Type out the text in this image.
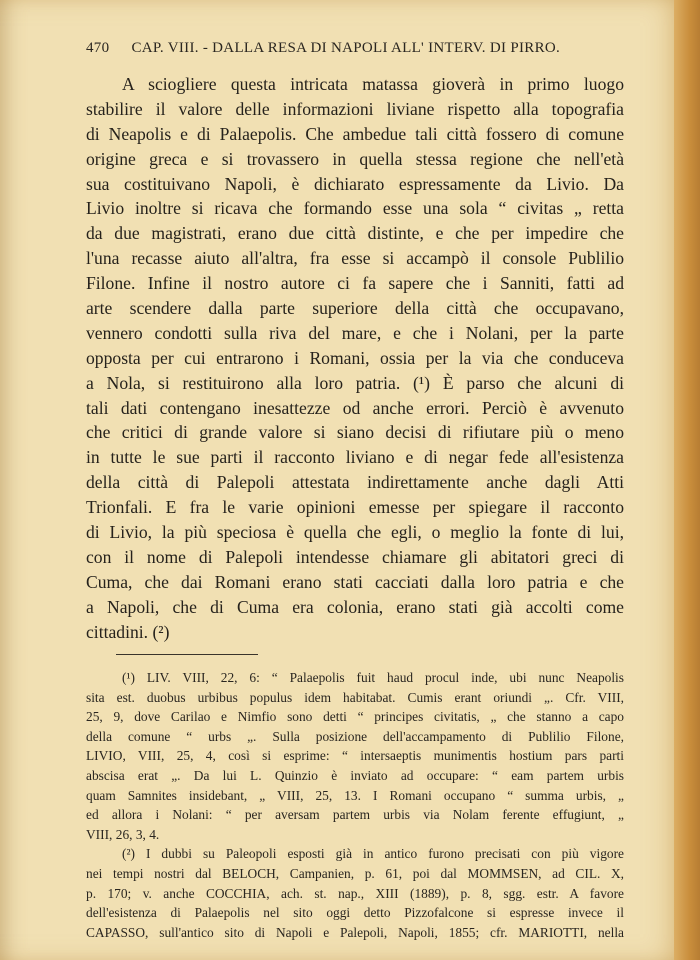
470 CAP. VIII. - DALLA RESA DI NAPOLI ALL' INTERV. DI PIRRO.
A sciogliere questa intricata matassa gioverà in primo luogo
stabilire il valore delle informazioni liviane rispetto alla topografia
di Neapolis e di Palaepolis. Che ambedue tali città fossero di comune
origine greca e si trovassero in quella stessa regione che nell'età
sua costituivano Napoli, è dichiarato espressamente da Livio. Da
Livio inoltre si ricava che formando esse una sola “ civitas „ retta
da due magistrati, erano due città distinte, e che per impedire che
l'una recasse aiuto all'altra, fra esse si accampò il console Publilio
Filone. Infine il nostro autore ci fa sapere che i Sanniti, fatti ad
arte scendere dalla parte superiore della città che occupavano,
vennero condotti sulla riva del mare, e che i Nolani, per la parte
opposta per cui entrarono i Romani, ossia per la via che conduceva
a Nola, si restituirono alla loro patria. (¹) È parso che alcuni di
tali dati contengano inesattezze od anche errori. Perciò è avvenuto
che critici di grande valore si siano decisi di rifiutare più o meno
in tutte le sue parti il racconto liviano e di negar fede all'esistenza
della città di Palepoli attestata indirettamente anche dagli Atti
Trionfali. E fra le varie opinioni emesse per spiegare il racconto
di Livio, la più speciosa è quella che egli, o meglio la fonte di lui,
con il nome di Palepoli intendesse chiamare gli abitatori greci di
Cuma, che dai Romani erano stati cacciati dalla loro patria e che
a Napoli, che di Cuma era colonia, erano stati già accolti come
cittadini. (²)
(¹) LIV. VIII, 22, 6: “ Palaepolis fuit haud procul inde, ubi nunc Neapolis
sita est. duobus urbibus populus idem habitabat. Cumis erant oriundi „. Cfr. VIII,
25, 9, dove Carilao e Nimfio sono detti “ principes civitatis, „ che stanno a capo
della comune “ urbs „. Sulla posizione dell'accampamento di Publilio Filone,
LIVIO, VIII, 25, 4, così si esprime: “ intersaeptis munimentis hostium pars parti
abscisa erat „. Da lui L. Quinzio è inviato ad occupare: “ eam partem urbis
quam Samnites insidebant, „ VIII, 25, 13. I Romani occupano “ summa urbis, „
ed allora i Nolani: “ per aversam partem urbis via Nolam ferente effugiunt, „
VIII, 26, 3, 4.
(²) I dubbi su Paleopoli esposti già in antico furono precisati con più vigore
nei tempi nostri dal BELOCH, Campanien, p. 61, poi dal MOMMSEN, ad CIL. X,
p. 170; v. anche COCCHIA, ach. st. nap., XIII (1889), p. 8, sgg. estr. A favore
dell'esistenza di Palaepolis nel sito oggi detto Pizzofalcone si espresse invece il
CAPASSO, sull'antico sito di Napoli e Palepoli, Napoli, 1855; cfr. MARIOTTI, nella
